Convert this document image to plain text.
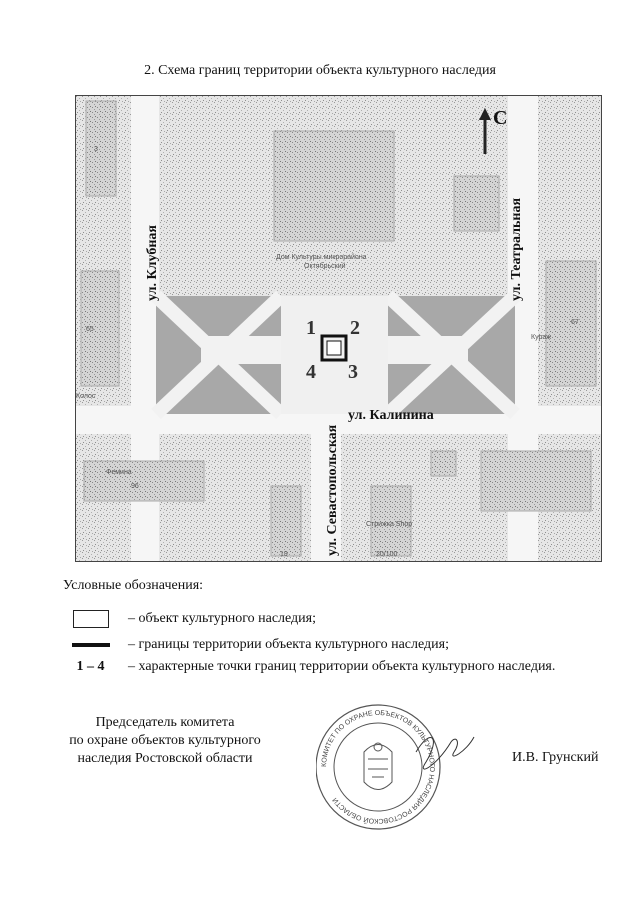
2. Схема границ территории объекта культурного наследия
1 2
3
4
С
ул. Клубная	ул. Театральная
ул. Калинина
ул. Севастопольская
Дом Культуры микрорайона
Октябрьский
Колос
Фемина
Стрижка Shop
Кураж
3
65
67
96
19	20/100
Условные обозначения:
– объект культурного наследия;
– границы территории объекта культурного наследия;
1 – 4 – характерные точки границ территории объекта культурного наследия.
Председатель комитета
по охране объектов культурного
наследия Ростовской области	КОМИТЕТ ПО ОХРАНЕ ОБЪЕКТОВ КУЛЬТУРНОГО НАСЛЕДИЯ РОСТОВСКОЙ ОБЛАСТИ
И.В. Грунский
